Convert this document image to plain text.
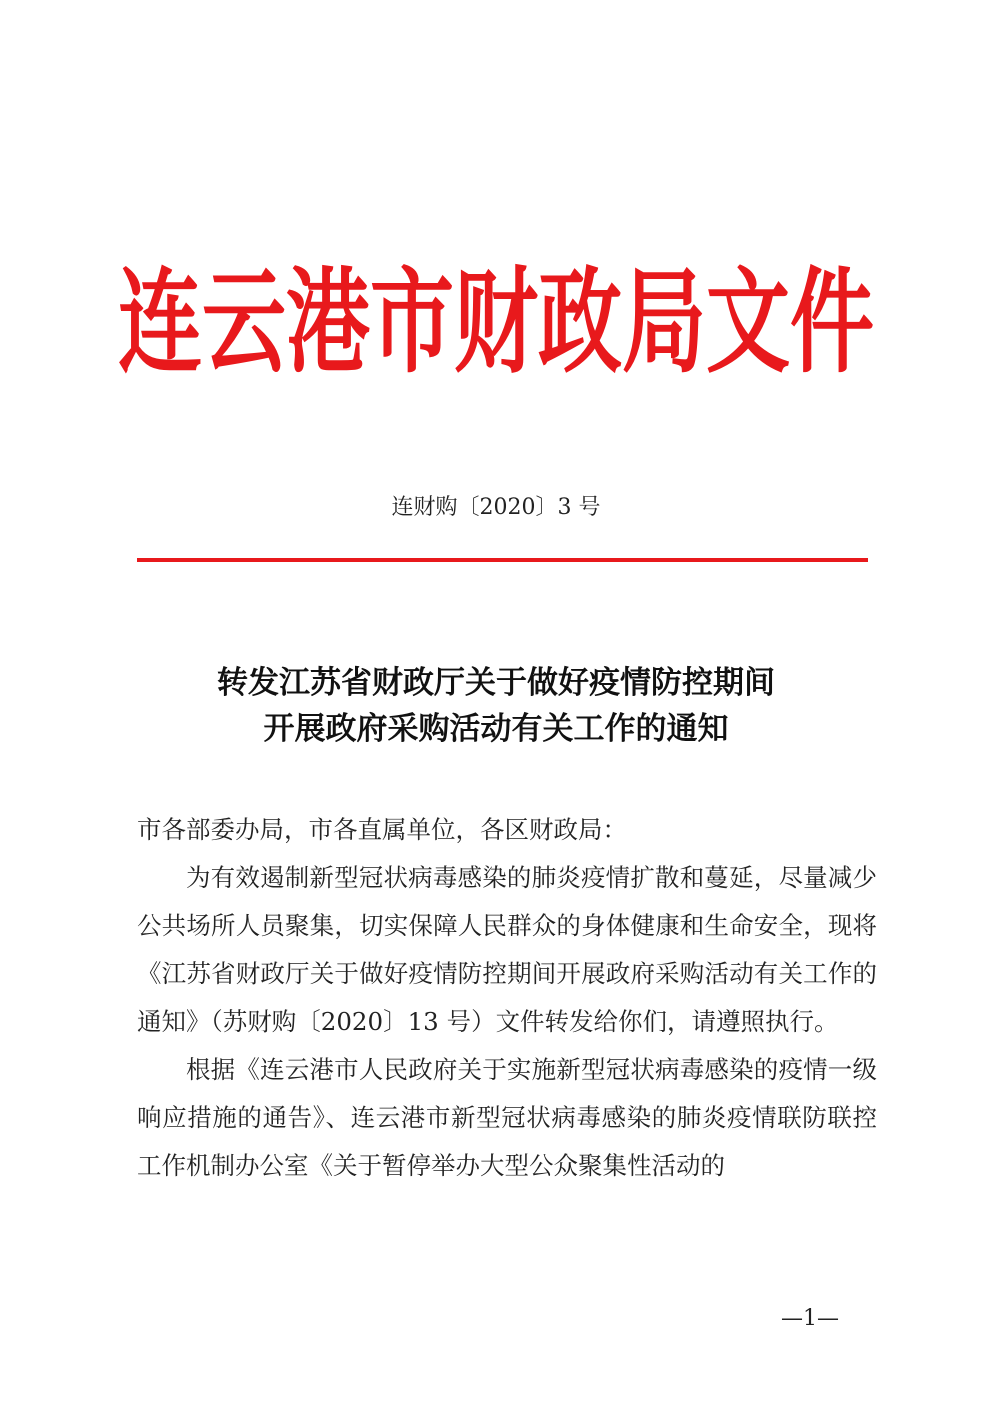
连云港市财政局文件
连财购〔2020〕3 号
转发江苏省财政厅关于做好疫情防控期间
开展政府采购活动有关工作的通知

市各部委办局，市各直属单位，各区财政局：

为有效遏制新型冠状病毒感染的肺炎疫情扩散和蔓延，尽量减少公共场所人员聚集，切实保障人民群众的身体健康和生命安全，现将《江苏省财政厅关于做好疫情防控期间开展政府采购活动有关工作的通知》（苏财购〔2020〕13 号）文件转发给你们，请遵照执行。

根据《连云港市人民政府关于实施新型冠状病毒感染的疫情一级响应措施的通告》、连云港市新型冠状病毒感染的肺炎疫情联防联控工作机制办公室《关于暂停举办大型公众聚集性活动的

—1—
